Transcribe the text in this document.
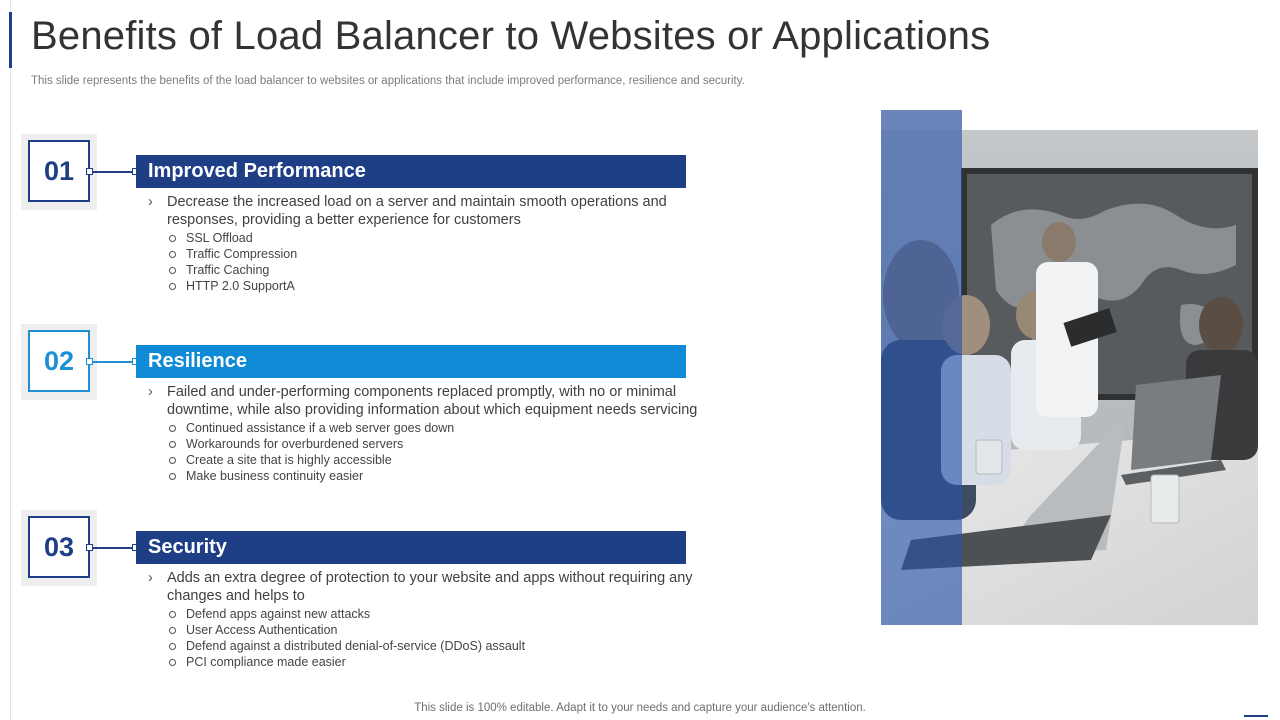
Benefits of Load Balancer to Websites or Applications

This slide represents the benefits of the load balancer to websites or applications that include improved performance, resilience and security.

01	Improved Performance
› Decrease the increased load on a server and maintain smooth operations and responses, providing a better experience for customers
SSL Offload
Traffic Compression
Traffic Caching
HTTP 2.0 SupportA
02	Resilience
› Failed and under-performing components replaced promptly, with no or minimal downtime, while also providing information about which equipment needs servicing
Continued assistance if a web server goes down
Workarounds for overburdened servers
Create a site that is highly accessible
Make business continuity easier
03	Security
› Adds an extra degree of protection to your website and apps without requiring any changes and helps to
Defend apps against new attacks
User Access Authentication
Defend against a distributed denial-of-service (DDoS) assault
PCI compliance made easier
This slide is 100% editable. Adapt it to your needs and capture your audience's attention.
